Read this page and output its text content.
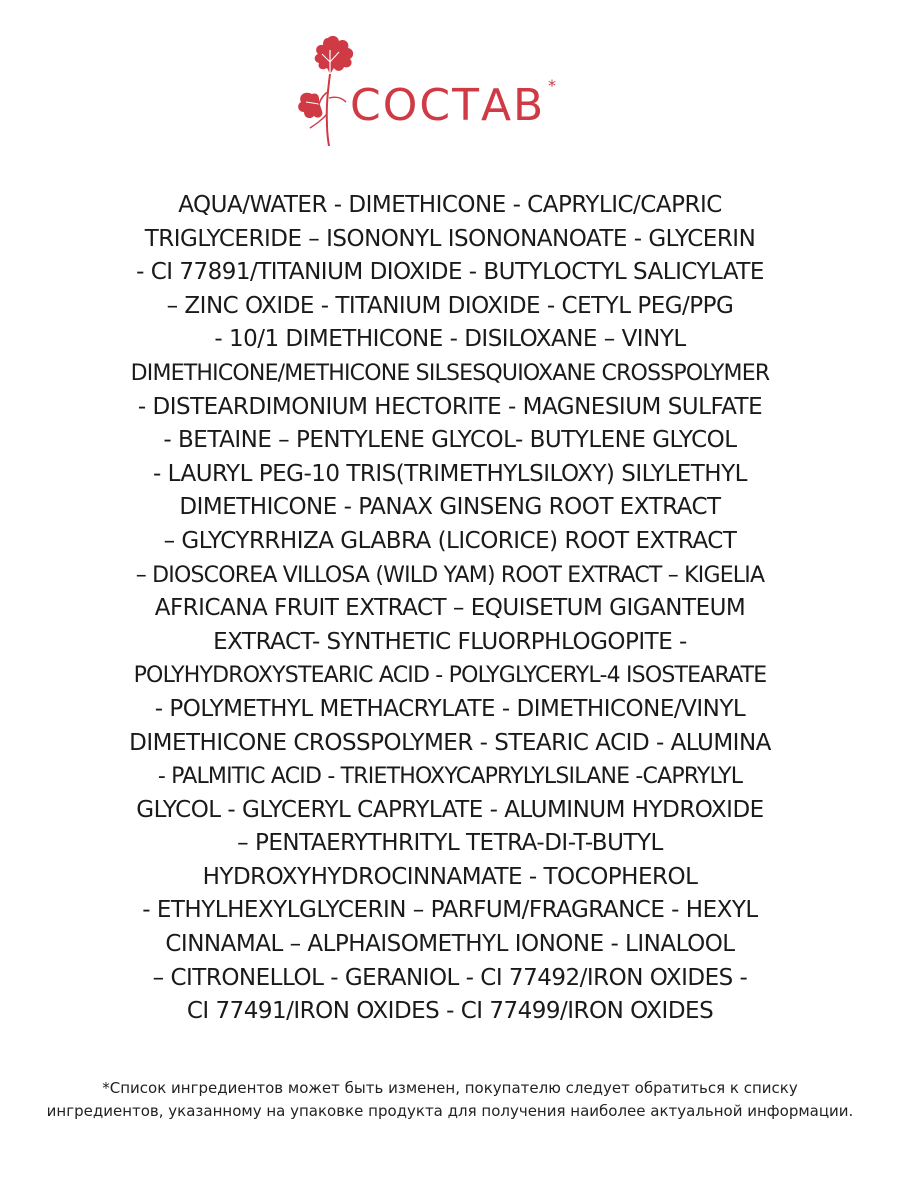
СОСТАВ *
AQUA/WATER - DIMETHICONE - CAPRYLIC/CAPRIC
TRIGLYCERIDE – ISONONYL ISONONANOATE - GLYCERIN
- CI 77891/TITANIUM DIOXIDE - BUTYLOCTYL SALICYLATE
– ZINC OXIDE - TITANIUM DIOXIDE - CETYL PEG/PPG
- 10/1 DIMETHICONE - DISILOXANE – VINYL
DIMETHICONE/METHICONE SILSESQUIOXANE CROSSPOLYMER
- DISTEARDIMONIUM HECTORITE - MAGNESIUM SULFATE
- BETAINE – PENTYLENE GLYCOL- BUTYLENE GLYCOL
- LAURYL PEG-10 TRIS(TRIMETHYLSILOXY) SILYLETHYL
DIMETHICONE - PANAX GINSENG ROOT EXTRACT
– GLYCYRRHIZA GLABRA (LICORICE) ROOT EXTRACT
– DIOSCOREA VILLOSA (WILD YAM) ROOT EXTRACT – KIGELIA
AFRICANA FRUIT EXTRACT – EQUISETUM GIGANTEUM
EXTRACT- SYNTHETIC FLUORPHLOGOPITE -
POLYHYDROXYSTEARIC ACID - POLYGLYCERYL-4 ISOSTEARATE
- POLYMETHYL METHACRYLATE - DIMETHICONE/VINYL
DIMETHICONE CROSSPOLYMER - STEARIC ACID - ALUMINA
- PALMITIC ACID - TRIETHOXYCAPRYLYLSILANE -CAPRYLYL
GLYCOL - GLYCERYL CAPRYLATE - ALUMINUM HYDROXIDE
– PENTAERYTHRITYL TETRA-DI-T-BUTYL
HYDROXYHYDROCINNAMATE - TOCOPHEROL
- ETHYLHEXYLGLYCERIN – PARFUM/FRAGRANCE - HEXYL
CINNAMAL – ALPHAISOMETHYL IONONE - LINALOOL
– CITRONELLOL - GERANIOL - CI 77492/IRON OXIDES -
CI 77491/IRON OXIDES - CI 77499/IRON OXIDES
*Список ингредиентов может быть изменен, покупателю следует обратиться к списку
ингредиентов, указанному на упаковке продукта для получения наиболее актуальной информации.
